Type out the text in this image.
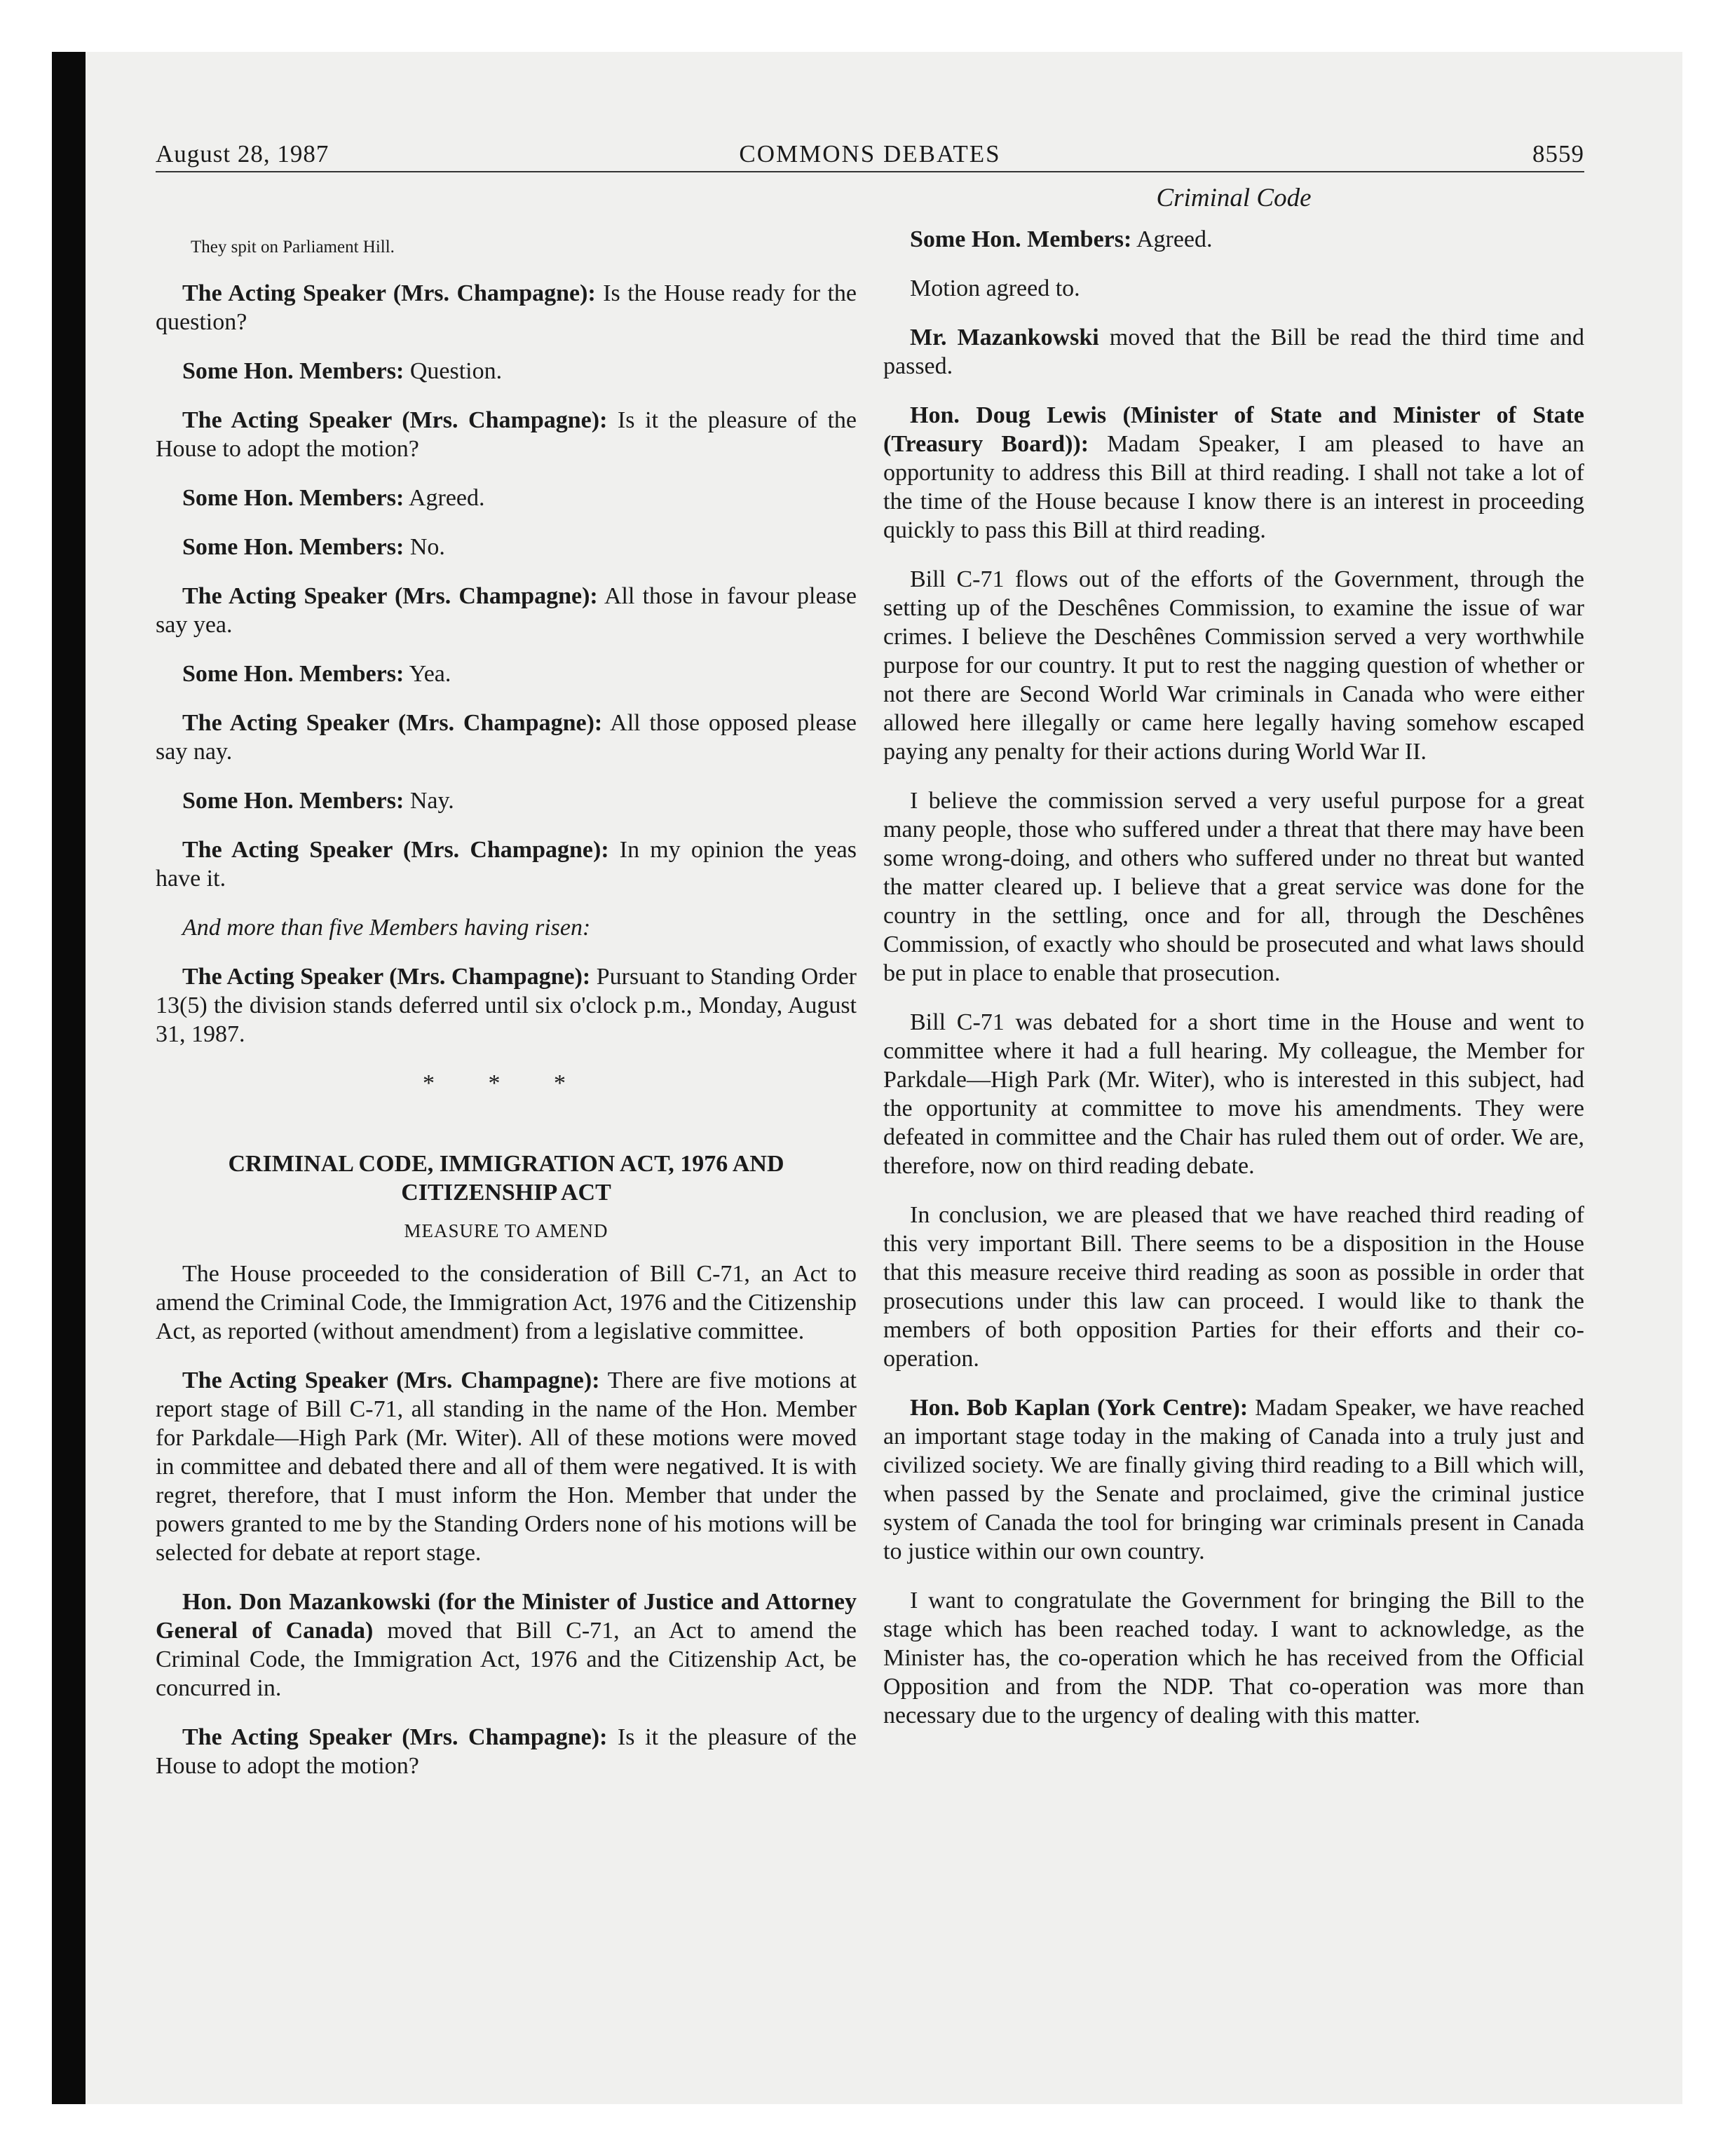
August 28, 1987	COMMONS DEBATES	8559

They spit on Parliament Hill.

The Acting Speaker (Mrs. Champagne): Is the House ready for the question?

Some Hon. Members: Question.

The Acting Speaker (Mrs. Champagne): Is it the pleasure of the House to adopt the motion?

Some Hon. Members: Agreed.

Some Hon. Members: No.

The Acting Speaker (Mrs. Champagne): All those in favour please say yea.

Some Hon. Members: Yea.

The Acting Speaker (Mrs. Champagne): All those opposed please say nay.

Some Hon. Members: Nay.

The Acting Speaker (Mrs. Champagne): In my opinion the yeas have it.

And more than five Members having risen:

The Acting Speaker (Mrs. Champagne): Pursuant to Standing Order 13(5) the division stands deferred until six o'clock p.m., Monday, August 31, 1987.

* * *

CRIMINAL CODE, IMMIGRATION ACT, 1976 AND CITIZENSHIP ACT

MEASURE TO AMEND

The House proceeded to the consideration of Bill C-71, an Act to amend the Criminal Code, the Immigration Act, 1976 and the Citizenship Act, as reported (without amendment) from a legislative committee.

The Acting Speaker (Mrs. Champagne): There are five motions at report stage of Bill C-71, all standing in the name of the Hon. Member for Parkdale—High Park (Mr. Witer). All of these motions were moved in committee and debated there and all of them were negatived. It is with regret, therefore, that I must inform the Hon. Member that under the powers granted to me by the Standing Orders none of his motions will be selected for debate at report stage.

Hon. Don Mazankowski (for the Minister of Justice and Attorney General of Canada) moved that Bill C-71, an Act to amend the Criminal Code, the Immigration Act, 1976 and the Citizenship Act, be concurred in.

The Acting Speaker (Mrs. Champagne): Is it the pleasure of the House to adopt the motion?

Criminal Code

Some Hon. Members: Agreed.

Motion agreed to.

Mr. Mazankowski moved that the Bill be read the third time and passed.

Hon. Doug Lewis (Minister of State and Minister of State (Treasury Board)): Madam Speaker, I am pleased to have an opportunity to address this Bill at third reading. I shall not take a lot of the time of the House because I know there is an interest in proceeding quickly to pass this Bill at third reading.

Bill C-71 flows out of the efforts of the Government, through the setting up of the Deschênes Commission, to examine the issue of war crimes. I believe the Deschênes Commission served a very worthwhile purpose for our country. It put to rest the nagging question of whether or not there are Second World War criminals in Canada who were either allowed here illegally or came here legally having somehow escaped paying any penalty for their actions during World War II.

I believe the commission served a very useful purpose for a great many people, those who suffered under a threat that there may have been some wrong-doing, and others who suffered under no threat but wanted the matter cleared up. I believe that a great service was done for the country in the settling, once and for all, through the Deschênes Commission, of exactly who should be prosecuted and what laws should be put in place to enable that prosecution.

Bill C-71 was debated for a short time in the House and went to committee where it had a full hearing. My colleague, the Member for Parkdale—High Park (Mr. Witer), who is interested in this subject, had the opportunity at committee to move his amendments. They were defeated in committee and the Chair has ruled them out of order. We are, therefore, now on third reading debate.

In conclusion, we are pleased that we have reached third reading of this very important Bill. There seems to be a disposition in the House that this measure receive third reading as soon as possible in order that prosecutions under this law can proceed. I would like to thank the members of both opposition Parties for their efforts and their co-operation.

Hon. Bob Kaplan (York Centre): Madam Speaker, we have reached an important stage today in the making of Canada into a truly just and civilized society. We are finally giving third reading to a Bill which will, when passed by the Senate and proclaimed, give the criminal justice system of Canada the tool for bringing war criminals present in Canada to justice within our own country.

I want to congratulate the Government for bringing the Bill to the stage which has been reached today. I want to acknowledge, as the Minister has, the co-operation which he has received from the Official Opposition and from the NDP. That co-operation was more than necessary due to the urgency of dealing with this matter.
